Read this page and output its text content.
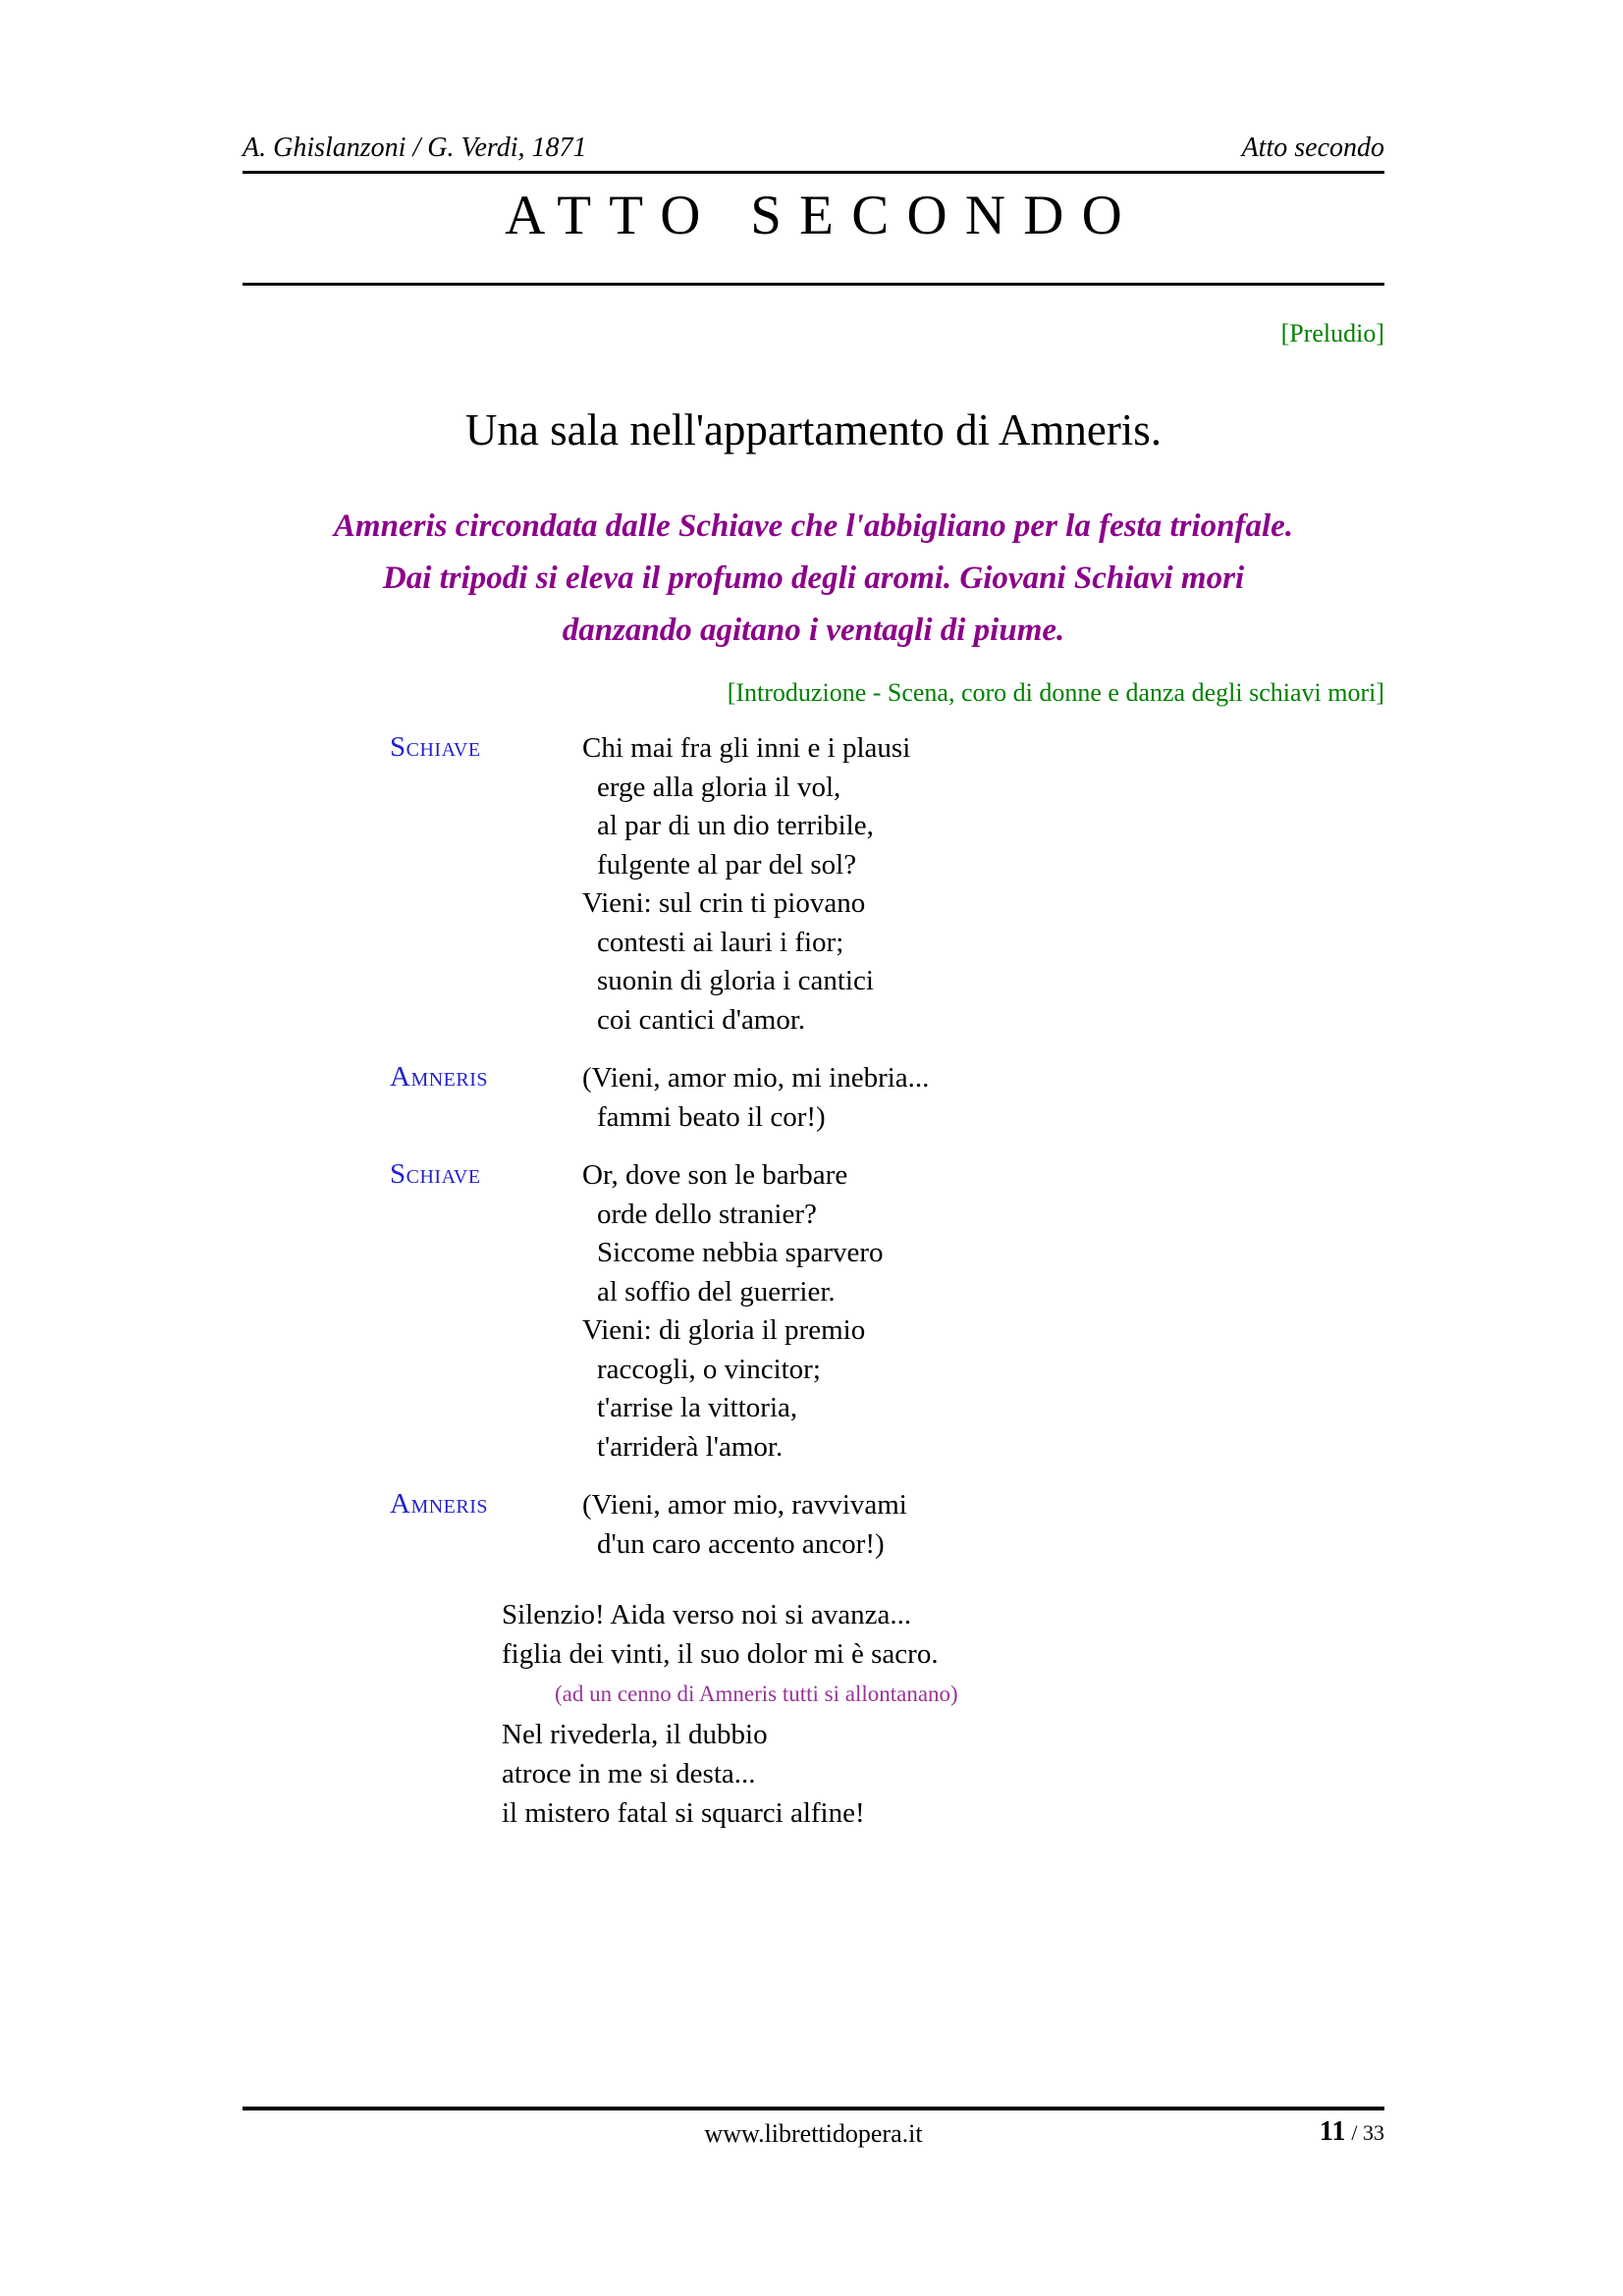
A. Ghislanzoni / G. Verdi, 1871	Atto secondo
ATTO SECONDO
[Preludio]
Una sala nell'appartamento di Amneris.
Amneris circondata dalle Schiave che l'abbigliano per la festa trionfale.
Dai tripodi si eleva il profumo degli aromi. Giovani Schiavi mori
danzando agitano i ventagli di piume.
[Introduzione - Scena, coro di donne e danza degli schiavi mori]
Schiave	Chi mai fra gli inni e i plausi
erge alla gloria il vol,
al par di un dio terribile,
fulgente al par del sol?
Vieni: sul crin ti piovano
contesti ai lauri i fior;
suonin di gloria i cantici
coi cantici d'amor.
Amneris	(Vieni, amor mio, mi inebria...
fammi beato il cor!)
Schiave	Or, dove son le barbare
orde dello stranier?
Siccome nebbia sparvero
al soffio del guerrier.
Vieni: di gloria il premio
raccogli, o vincitor;
t'arrise la vittoria,
t'arriderà l'amor.
Amneris	(Vieni, amor mio, ravvivami
d'un caro accento ancor!)
Silenzio! Aida verso noi si avanza...
figlia dei vinti, il suo dolor mi è sacro.
(ad un cenno di Amneris tutti si allontanano)
Nel rivederla, il dubbio
atroce in me si desta...
il mistero fatal si squarci alfine!
www.librettidopera.it	11 / 33
